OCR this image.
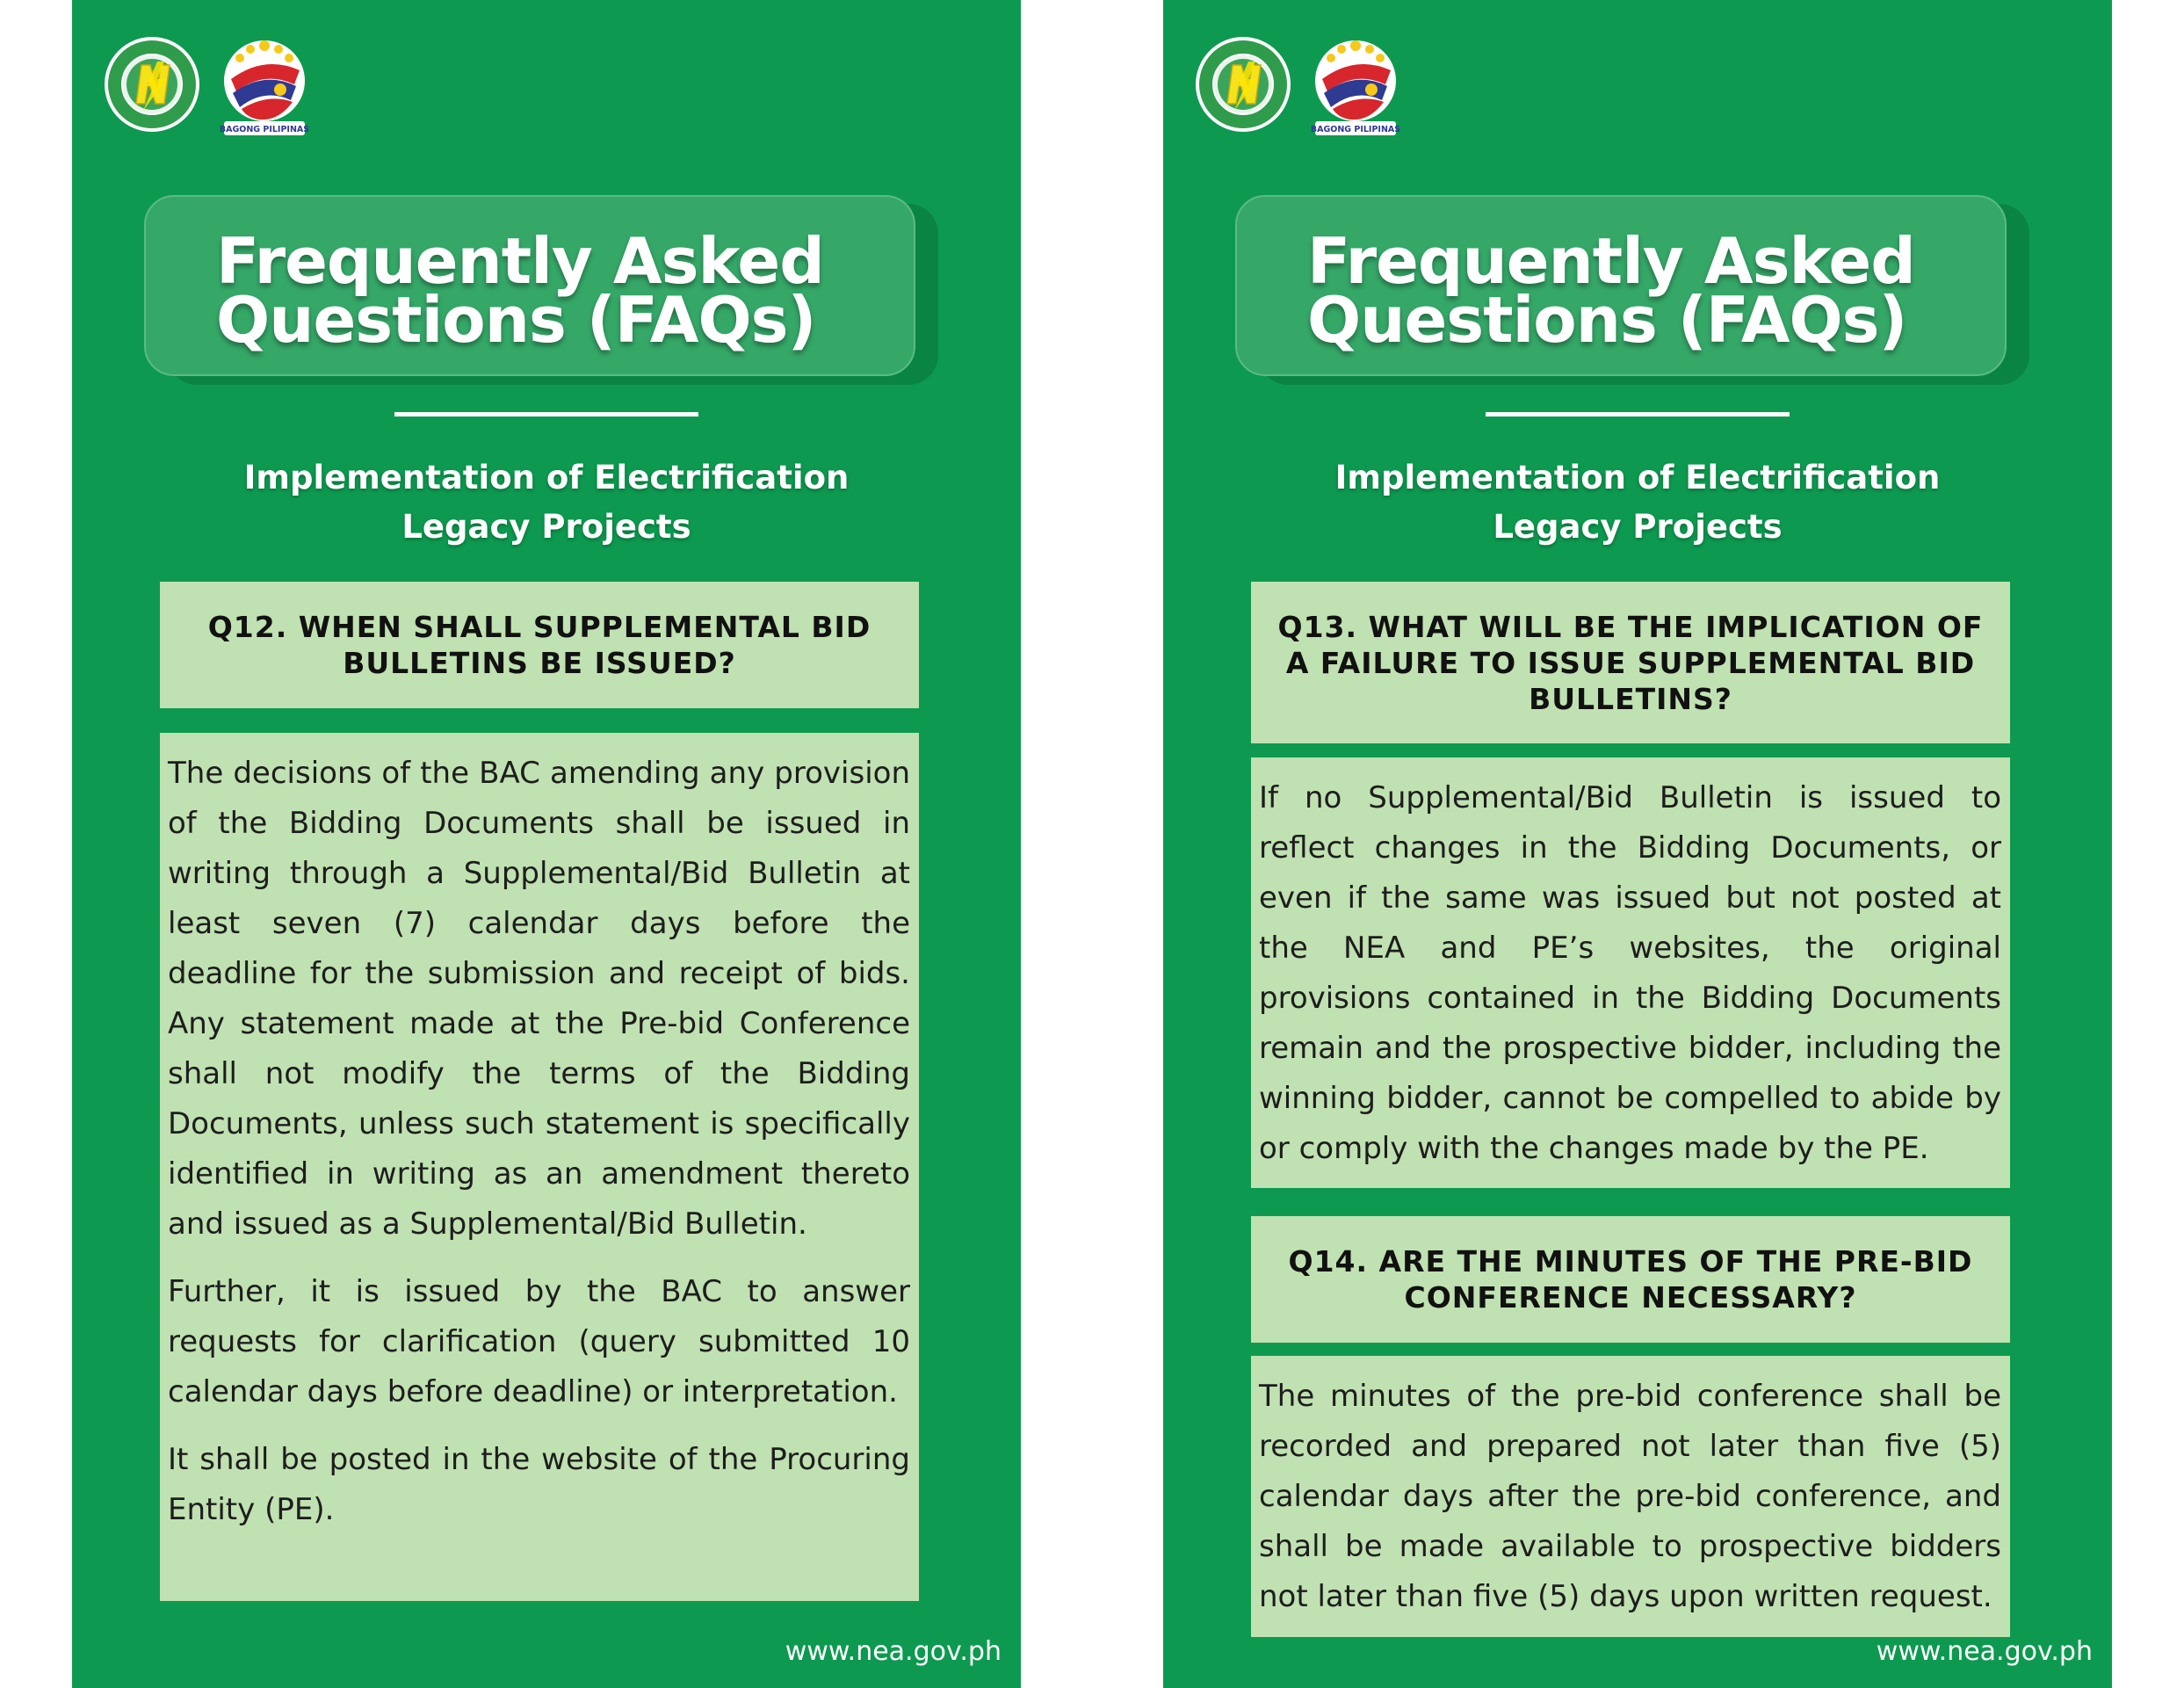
BAGONG PILIPINAS
Frequently Asked
Questions (FAQs)
Implementation of Electrification
Legacy Projects
Q12. WHEN SHALL SUPPLEMENTAL BID BULLETINS BE ISSUED?

The decisions of the BAC amending any provision of the Bidding Documents shall be issued in writing through a Supplemental/Bid Bulletin at least seven (7) calendar days before the deadline for the submission and receipt of bids. Any statement made at the Pre-bid Conference shall not modify the terms of the Bidding Documents, unless such statement is specifically identified in writing as an amendment thereto and issued as a Supplemental/Bid Bulletin.

Further, it is issued by the BAC to answer requests for clarification (query submitted 10 calendar days before deadline) or interpretation.

It shall be posted in the website of the Procuring Entity (PE).

www.nea.gov.ph
BAGONG PILIPINAS
Frequently Asked
Questions (FAQs)
Implementation of Electrification
Legacy Projects
Q13. WHAT WILL BE THE IMPLICATION OF A FAILURE TO ISSUE SUPPLEMENTAL BID BULLETINS?

If no Supplemental/Bid Bulletin is issued to reflect changes in the Bidding Documents, or even if the same was issued but not posted at the NEA and PE’s websites, the original provisions contained in the Bidding Documents remain and the prospective bidder, including the winning bidder, cannot be compelled to abide by or comply with the changes made by the PE.

Q14. ARE THE MINUTES OF THE PRE-BID CONFERENCE NECESSARY?

The minutes of the pre-bid conference shall be recorded and prepared not later than five (5) calendar days after the pre-bid conference, and shall be made available to prospective bidders not later than five (5) days upon written request.

www.nea.gov.ph
